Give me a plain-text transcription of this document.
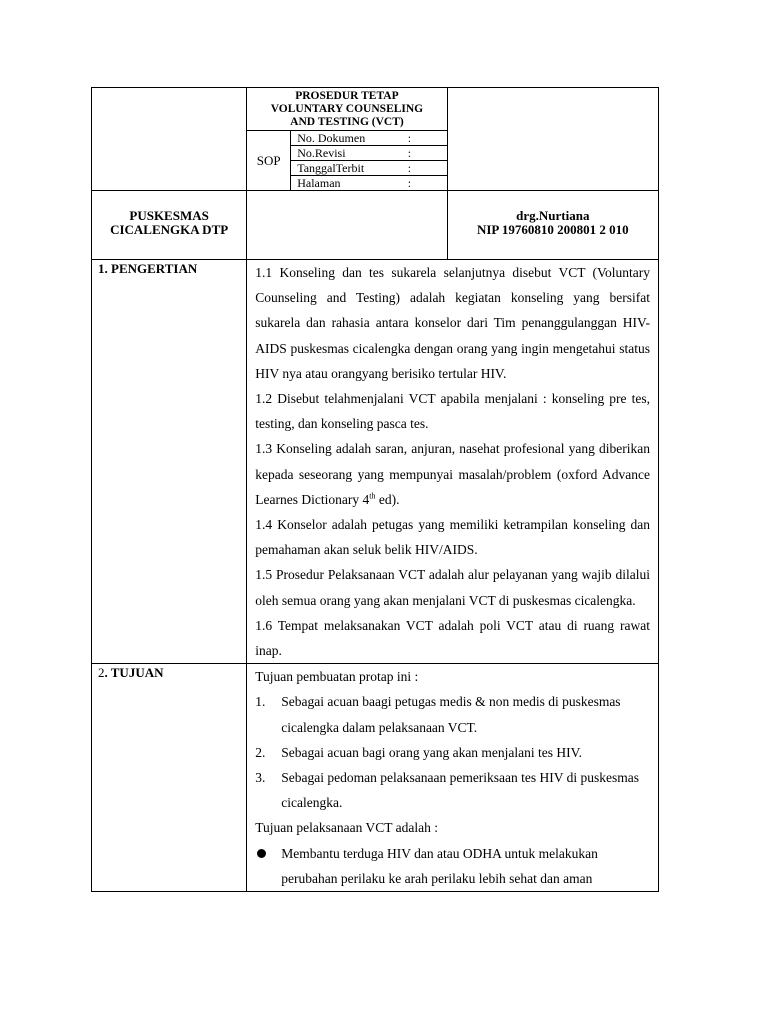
PROSEDUR TETAP
VOLUNTARY COUNSELING
AND TESTING (VCT)
SOP	No. Dokumen	:
No.Revisi	:
TanggalTerbit	:
Halaman	:

PUSKESMAS
CICALENGKA DTP

drg.Nurtiana
NIP 19760810 200801 2 010

1. PENGERTIAN	1.1 Konseling dan tes sukarela selanjutnya disebut VCT (Voluntary Counseling and Testing) adalah kegiatan konseling yang bersifat sukarela dan rahasia antara konselor dari Tim penanggulanggan HIV-AIDS puskesmas cicalengka dengan orang yang ingin mengetahui status HIV nya atau orangyang berisiko tertular HIV.

1.2 Disebut telahmenjalani VCT apabila menjalani : konseling pre tes, testing, dan konseling pasca tes.

1.3 Konseling adalah saran, anjuran, nasehat profesional yang diberikan kepada seseorang yang mempunyai masalah/problem (oxford Advance Learnes Dictionary 4th ed).

1.4 Konselor adalah petugas yang memiliki ketrampilan konseling dan pemahaman akan seluk belik HIV/AIDS.

1.5 Prosedur Pelaksanaan VCT adalah alur pelayanan yang wajib dilalui oleh semua orang yang akan menjalani VCT di puskesmas cicalengka.

1.6 Tempat melaksanakan VCT adalah poli VCT atau di ruang rawat inap.

2. TUJUAN	Tujuan pembuatan protap ini :

1.	Sebagai acuan baagi petugas medis & non medis di puskesmas cicalengka dalam pelaksanaan VCT.
2.	Sebagai acuan bagi orang yang akan menjalani tes HIV.
3.	Sebagai pedoman pelaksanaan pemeriksaan tes HIV di puskesmas cicalengka.

Tujuan pelaksanaan VCT adalah :

Membantu terduga HIV dan atau ODHA untuk melakukan perubahan perilaku ke arah perilaku lebih sehat dan aman
